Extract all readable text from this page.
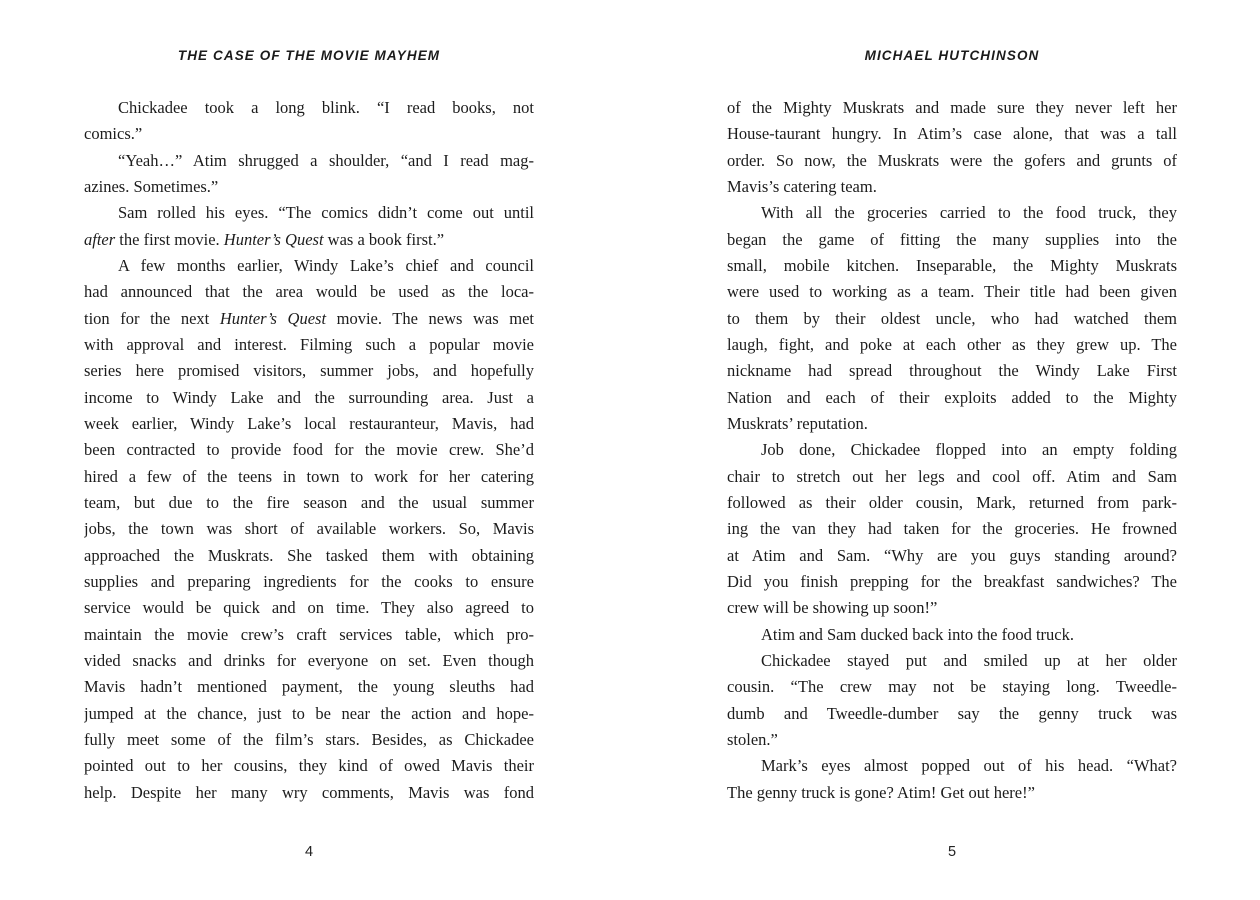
THE CASE OF THE MOVIE MAYHEM
Chickadee took a long blink. “I read books, not
comics.”
“Yeah…” Atim shrugged a shoulder, “and I read mag-
azines. Sometimes.”
Sam rolled his eyes. “The comics didn’t come out until
after the first movie. Hunter’s Quest was a book first.”
A few months earlier, Windy Lake’s chief and council
had announced that the area would be used as the loca-
tion for the next Hunter’s Quest movie. The news was met
with approval and interest. Filming such a popular movie
series here promised visitors, summer jobs, and hopefully
income to Windy Lake and the surrounding area. Just a
week earlier, Windy Lake’s local restauranteur, Mavis, had
been contracted to provide food for the movie crew. She’d
hired a few of the teens in town to work for her catering
team, but due to the fire season and the usual summer
jobs, the town was short of available workers. So, Mavis
approached the Muskrats. She tasked them with obtaining
supplies and preparing ingredients for the cooks to ensure
service would be quick and on time. They also agreed to
maintain the movie crew’s craft services table, which pro-
vided snacks and drinks for everyone on set. Even though
Mavis hadn’t mentioned payment, the young sleuths had
jumped at the chance, just to be near the action and hope-
fully meet some of the film’s stars. Besides, as Chickadee
pointed out to her cousins, they kind of owed Mavis their
help. Despite her many wry comments, Mavis was fond
4
MICHAEL HUTCHINSON
of the Mighty Muskrats and made sure they never left her
House-taurant hungry. In Atim’s case alone, that was a tall
order. So now, the Muskrats were the gofers and grunts of
Mavis’s catering team.
With all the groceries carried to the food truck, they
began the game of fitting the many supplies into the
small, mobile kitchen. Inseparable, the Mighty Muskrats
were used to working as a team. Their title had been given
to them by their oldest uncle, who had watched them
laugh, fight, and poke at each other as they grew up. The
nickname had spread throughout the Windy Lake First
Nation and each of their exploits added to the Mighty
Muskrats’ reputation.
Job done, Chickadee flopped into an empty folding
chair to stretch out her legs and cool off. Atim and Sam
followed as their older cousin, Mark, returned from park-
ing the van they had taken for the groceries. He frowned
at Atim and Sam. “Why are you guys standing around?
Did you finish prepping for the breakfast sandwiches? The
crew will be showing up soon!”
Atim and Sam ducked back into the food truck.
Chickadee stayed put and smiled up at her older
cousin. “The crew may not be staying long. Tweedle-
dumb and Tweedle-dumber say the genny truck was
stolen.”
Mark’s eyes almost popped out of his head. “What?
The genny truck is gone? Atim! Get out here!”
5
